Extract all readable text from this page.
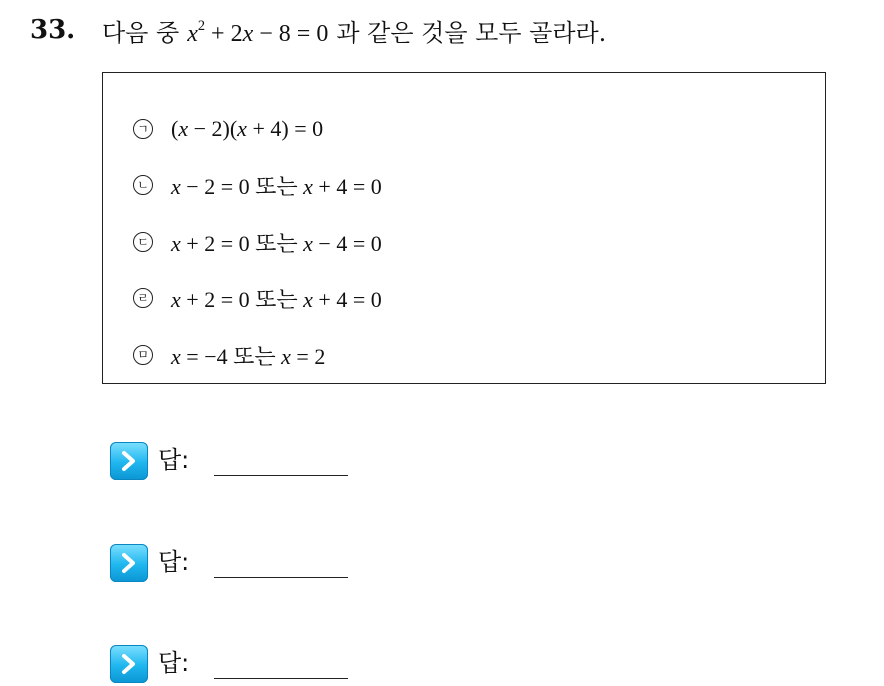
33.	다음 중 $x^2 + 2x - 8 = 0$ 과 같은 것을 모두 골라라.
ㄱ (x − 2)(x + 4) = 0
ㄴ x − 2 = 0 또는 x + 4 = 0
ㄷ x + 2 = 0 또는 x − 4 = 0
ㄹ x + 2 = 0 또는 x + 4 = 0
ㅁ x = −4 또는 x = 2
답:
답:
답:
